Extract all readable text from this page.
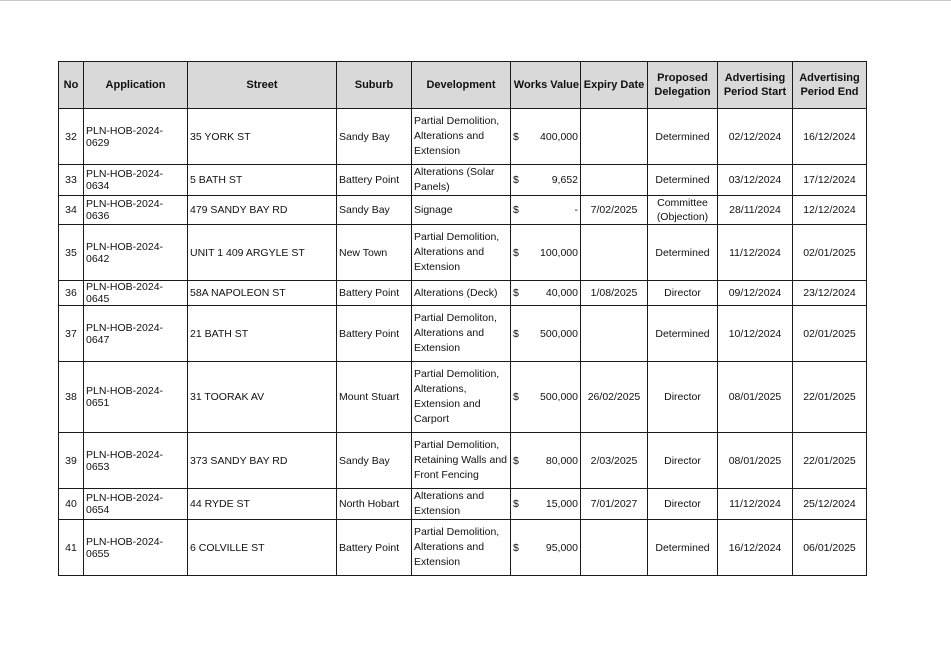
No	Application	Street	Suburb	Development	Works Value	Expiry Date	Proposed Delegation	Advertising Period Start	Advertising Period End
32	PLN-HOB-2024-0629	35 YORK ST	Sandy Bay	Partial Demolition, Alterations and Extension	$ 400,000		Determined	02/12/2024	16/12/2024
33	PLN-HOB-2024-0634	5 BATH ST	Battery Point	Alterations (Solar Panels)	$ 9,652		Determined	03/12/2024	17/12/2024
34	PLN-HOB-2024-0636	479 SANDY BAY RD	Sandy Bay	Signage	$ -	7/02/2025	Committee (Objection)	28/11/2024	12/12/2024
35	PLN-HOB-2024-0642	UNIT 1 409 ARGYLE ST	New Town	Partial Demolition, Alterations and Extension	$ 100,000		Determined	11/12/2024	02/01/2025
36	PLN-HOB-2024-0645	58A NAPOLEON ST	Battery Point	Alterations (Deck)	$ 40,000	1/08/2025	Director	09/12/2024	23/12/2024
37	PLN-HOB-2024-0647	21 BATH ST	Battery Point	Partial Demoliton, Alterations and Extension	$ 500,000		Determined	10/12/2024	02/01/2025
38	PLN-HOB-2024-0651	31 TOORAK AV	Mount Stuart	Partial Demolition, Alterations, Extension and Carport	$ 500,000	26/02/2025	Director	08/01/2025	22/01/2025
39	PLN-HOB-2024-0653	373 SANDY BAY RD	Sandy Bay	Partial Demolition, Retaining Walls and Front Fencing	$ 80,000	2/03/2025	Director	08/01/2025	22/01/2025
40	PLN-HOB-2024-0654	44 RYDE ST	North Hobart	Alterations and Extension	$ 15,000	7/01/2027	Director	11/12/2024	25/12/2024
41	PLN-HOB-2024-0655	6 COLVILLE ST	Battery Point	Partial Demolition, Alterations and Extension	$ 95,000		Determined	16/12/2024	06/01/2025
